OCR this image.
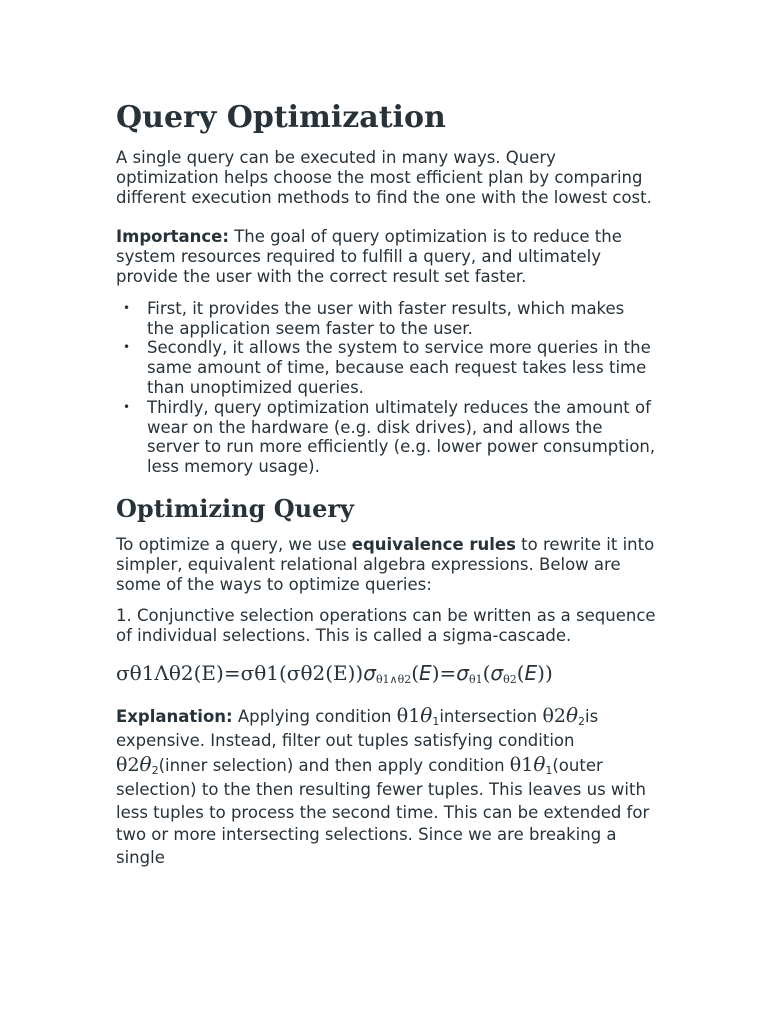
Query Optimization

A single query can be executed in many ways. Query optimization helps choose the most efficient plan by comparing different execution methods to find the one with the lowest cost.

Importance: The goal of query optimization is to reduce the system resources required to fulfill a query, and ultimately provide the user with the correct result set faster.

• First, it provides the user with faster results, which makes the application seem faster to the user.
• Secondly, it allows the system to service more queries in the same amount of time, because each request takes less time than unoptimized queries.
• Thirdly, query optimization ultimately reduces the amount of wear on the hardware (e.g. disk drives), and allows the server to run more efficiently (e.g. lower power consumption, less memory usage).
Optimizing Query

To optimize a query, we use equivalence rules to rewrite it into simpler, equivalent relational algebra expressions. Below are some of the ways to optimize queries:

1. Conjunctive selection operations can be written as a sequence of individual selections. This is called a sigma-cascade.

$\sigma\theta 1\Lambda\theta 2(E)=\sigma\theta 1(\sigma\theta 2(E))\sigma_{\theta 1\wedge\theta 2}(E)=\sigma_{\theta 1}(\sigma_{\theta 2}(E))$

Explanation: Applying condition $\theta 1\theta_1intersection$ $\theta 2\theta_2is$ expensive. Instead, filter out tuples satisfying condition $\theta 2\theta_2(inner$ selection) and then apply condition $\theta 1\theta_1(outer$ selection) to the then resulting fewer tuples. This leaves us with less tuples to process the second time. This can be extended for two or more intersecting selections. Since we are breaking a single
